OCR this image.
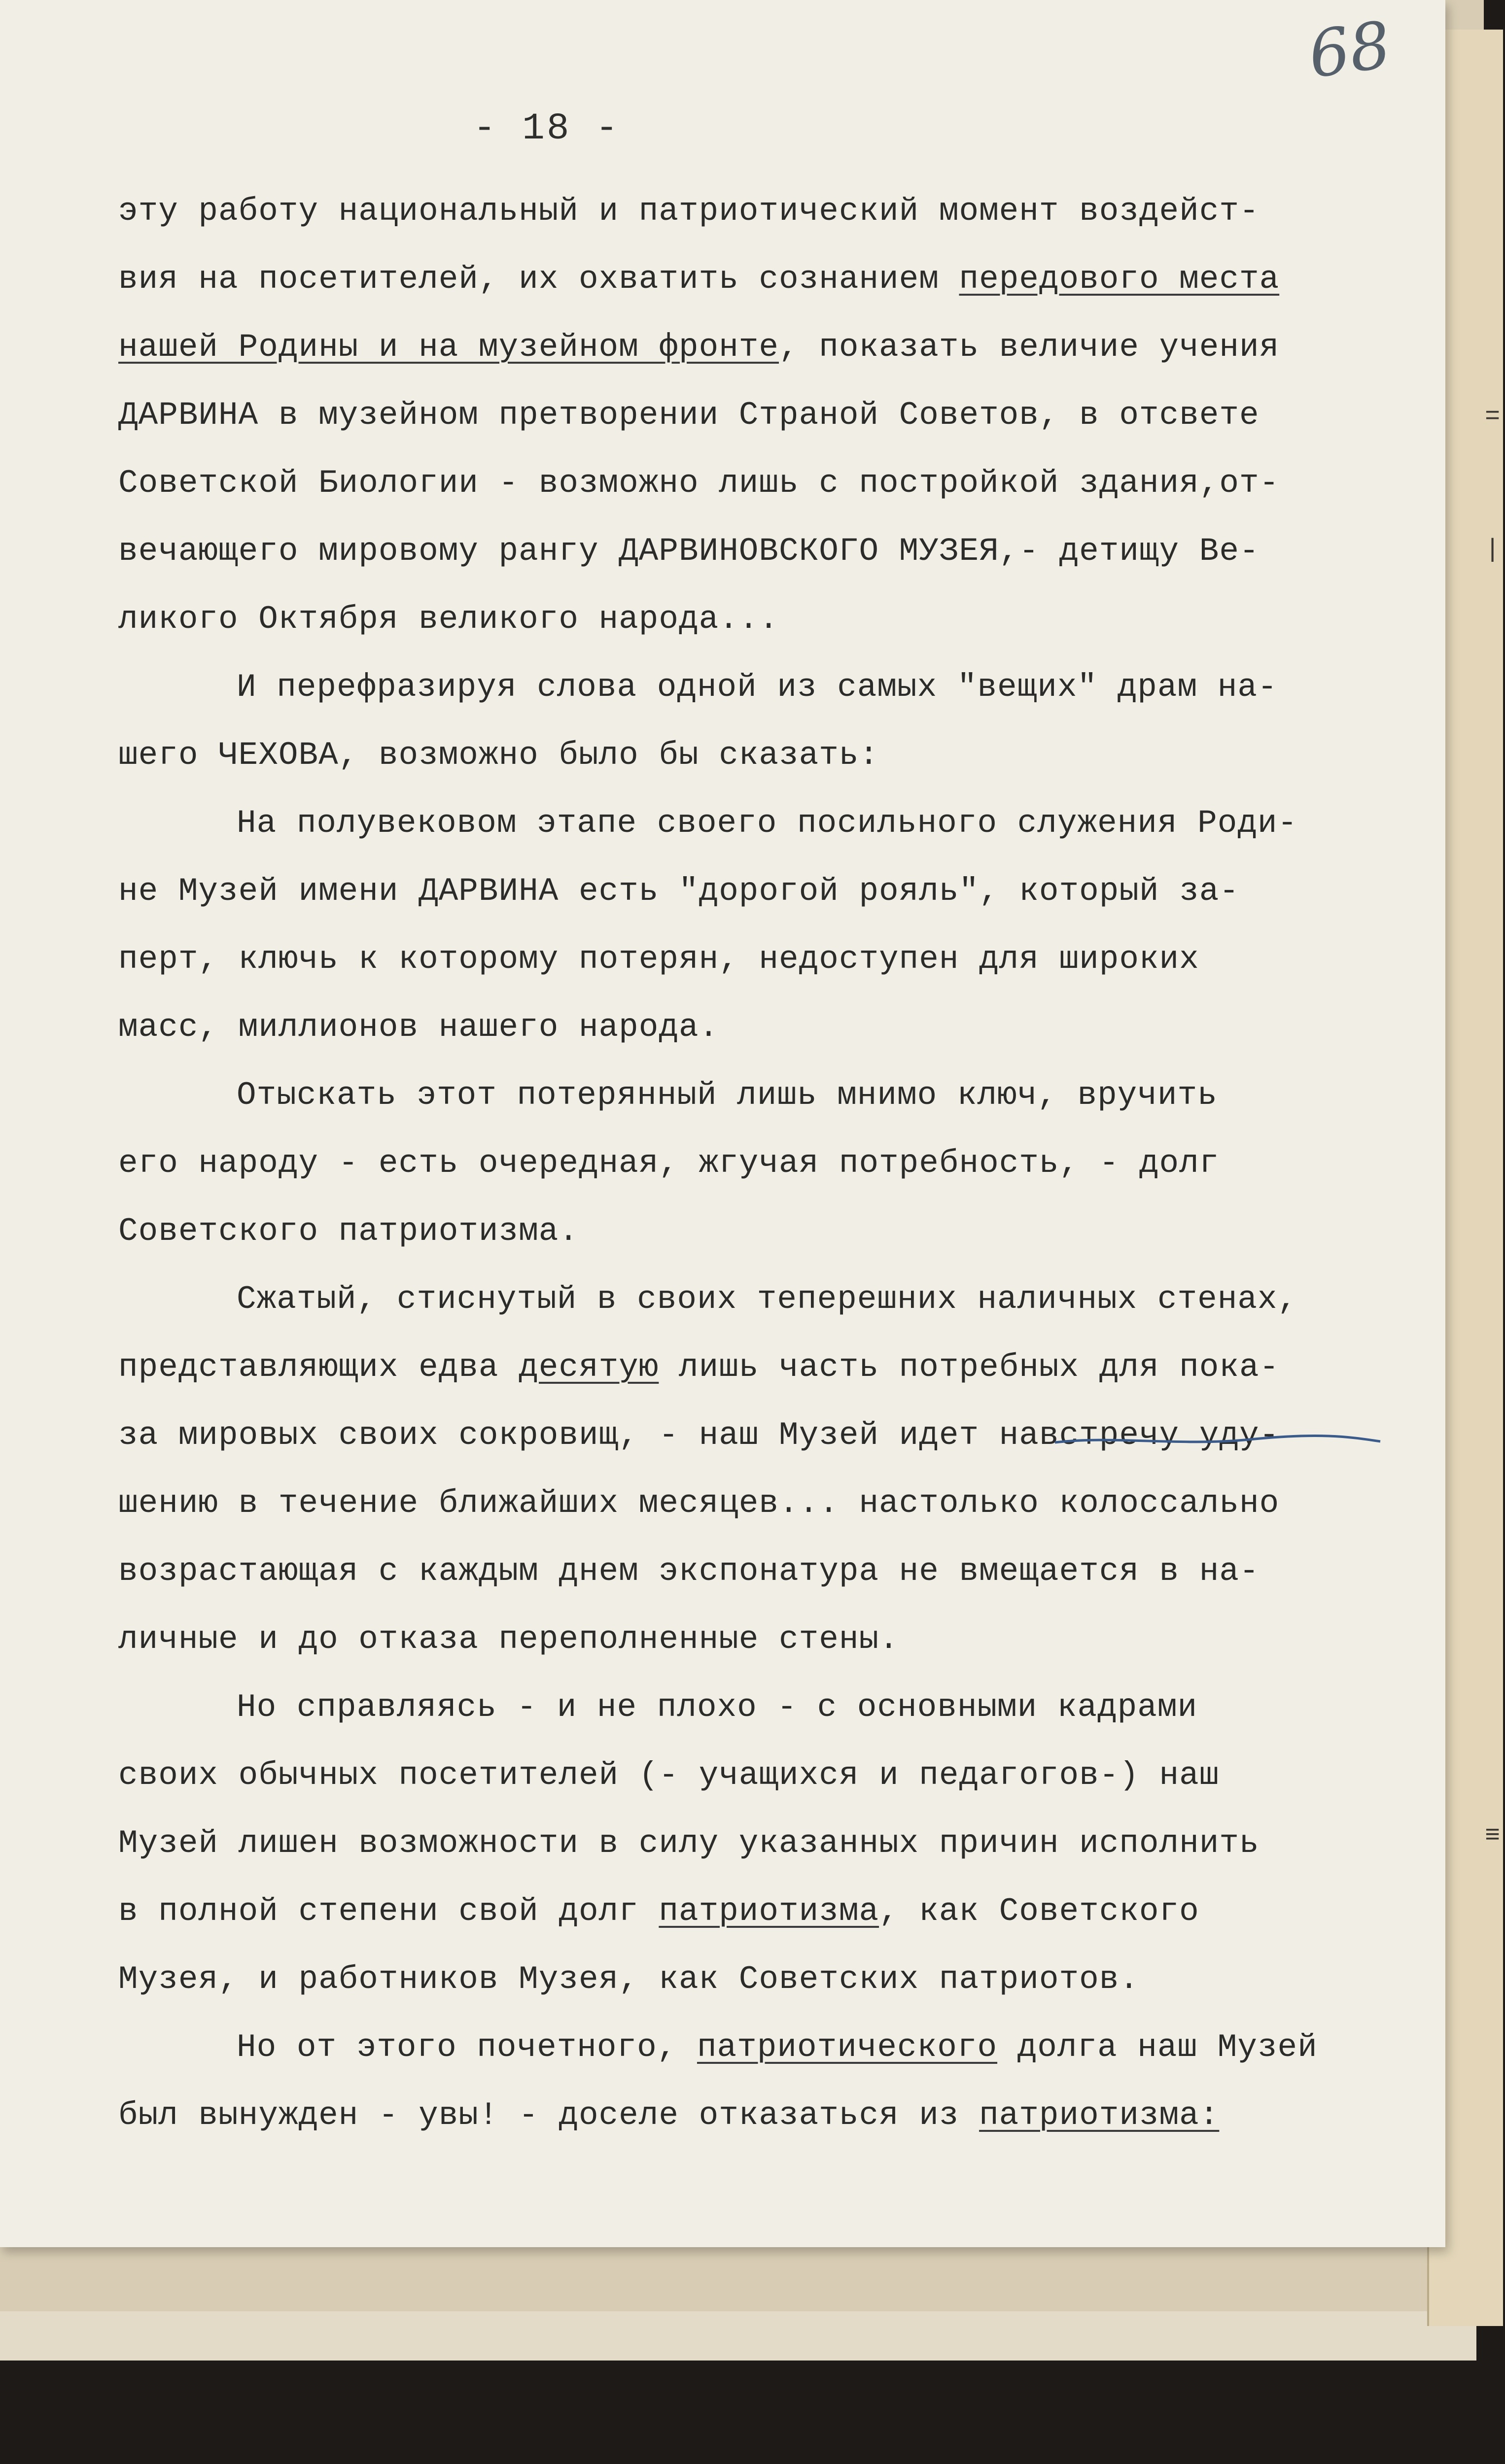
=
|
≡
68
- 18 -
эту работу национальный и патриотический момент воздейст-
вия на посетителей, их охватить сознанием передового места
нашей Родины и на музейном фронте, показать величие учения
ДАРВИНА в музейном претворении Страной Советов, в отсвете
Советской Биологии - возможно лишь с постройкой здания,от-
вечающего мировому рангу ДАРВИНОВСКОГО МУЗЕЯ,- детищу Ве-
ликого Октября великого народа...
И перефразируя слова одной из самых "вещих" драм на-
шего ЧЕХОВА, возможно было бы сказать:
На полувековом этапе своего посильного служения Роди-
не Музей имени ДАРВИНА есть "дорогой рояль", который за-
перт, ключь к которому потерян, недоступен для широких
масс, миллионов нашего народа.
Отыскать этот потерянный лишь мнимо ключ, вручить
его народу - есть очередная, жгучая потребность, - долг
Советского патриотизма.
Сжатый, стиснутый в своих теперешних наличных стенах,
представляющих едва десятую лишь часть потребных для пока-
за мировых своих сокровищ, - наш Музей идет навстречу уду-
шению в течение ближайших месяцев... настолько колоссально
возрастающая с каждым днем экспонатура не вмещается в на-
личные и до отказа переполненные стены.
Но справляясь - и не плохо - с основными кадрами
своих обычных посетителей (- учащихся и педагогов-) наш
Музей лишен возможности в силу указанных причин исполнить
в полной степени свой долг патриотизма, как Советского
Музея, и работников Музея, как Советских патриотов.
Но от этого почетного, патриотического долга наш Музей
был вынужден - увы! - доселе отказаться из патриотизма:
